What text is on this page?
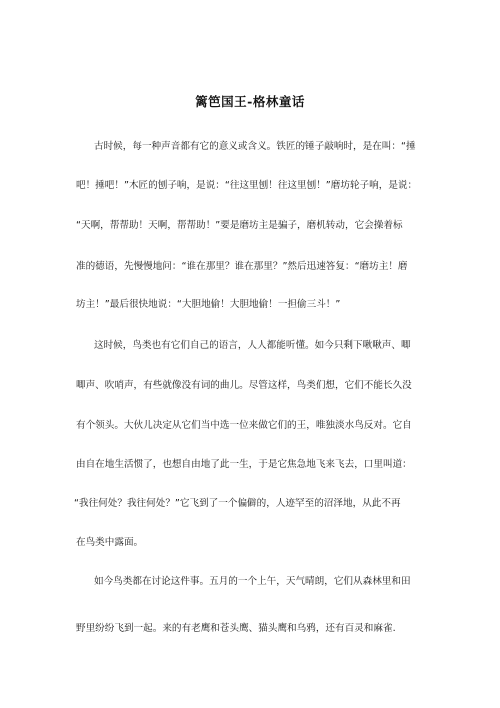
篱笆国王-格林童话
古时候，每一种声音都有它的意义或含义。铁匠的锤子敲响时，是在叫：“捶
吧！捶吧！”木匠的刨子响，是说：“往这里刨！往这里刨！”磨坊轮子响，是说：
“天啊，帮帮助！天啊，帮帮助！”要是磨坊主是骗子，磨机转动，它会操着标
准的德语，先慢慢地问：“谁在那里？谁在那里？”然后迅速答复：“磨坊主！磨
坊主！”最后很快地说：“大胆地偷！大胆地偷！一担偷三斗！”
这时候，鸟类也有它们自己的语言，人人都能听懂。如今只剩下啾啾声、唧
唧声、吹哨声，有些就像没有词的曲儿。尽管这样，鸟类们想，它们不能长久没
有个领头。大伙儿决定从它们当中选一位来做它们的王，唯独淡水鸟反对。它自
由自在地生活惯了，也想自由地了此一生，于是它焦急地飞来飞去，口里叫道：
“我往何处？我往何处？”它飞到了一个偏僻的，人迹罕至的沼泽地，从此不再
在鸟类中露面。
如今鸟类都在讨论这件事。五月的一个上午，天气晴朗，它们从森林里和田
野里纷纷飞到一起。来的有老鹰和苍头鹰、猫头鹰和乌鸦，还有百灵和麻雀.
